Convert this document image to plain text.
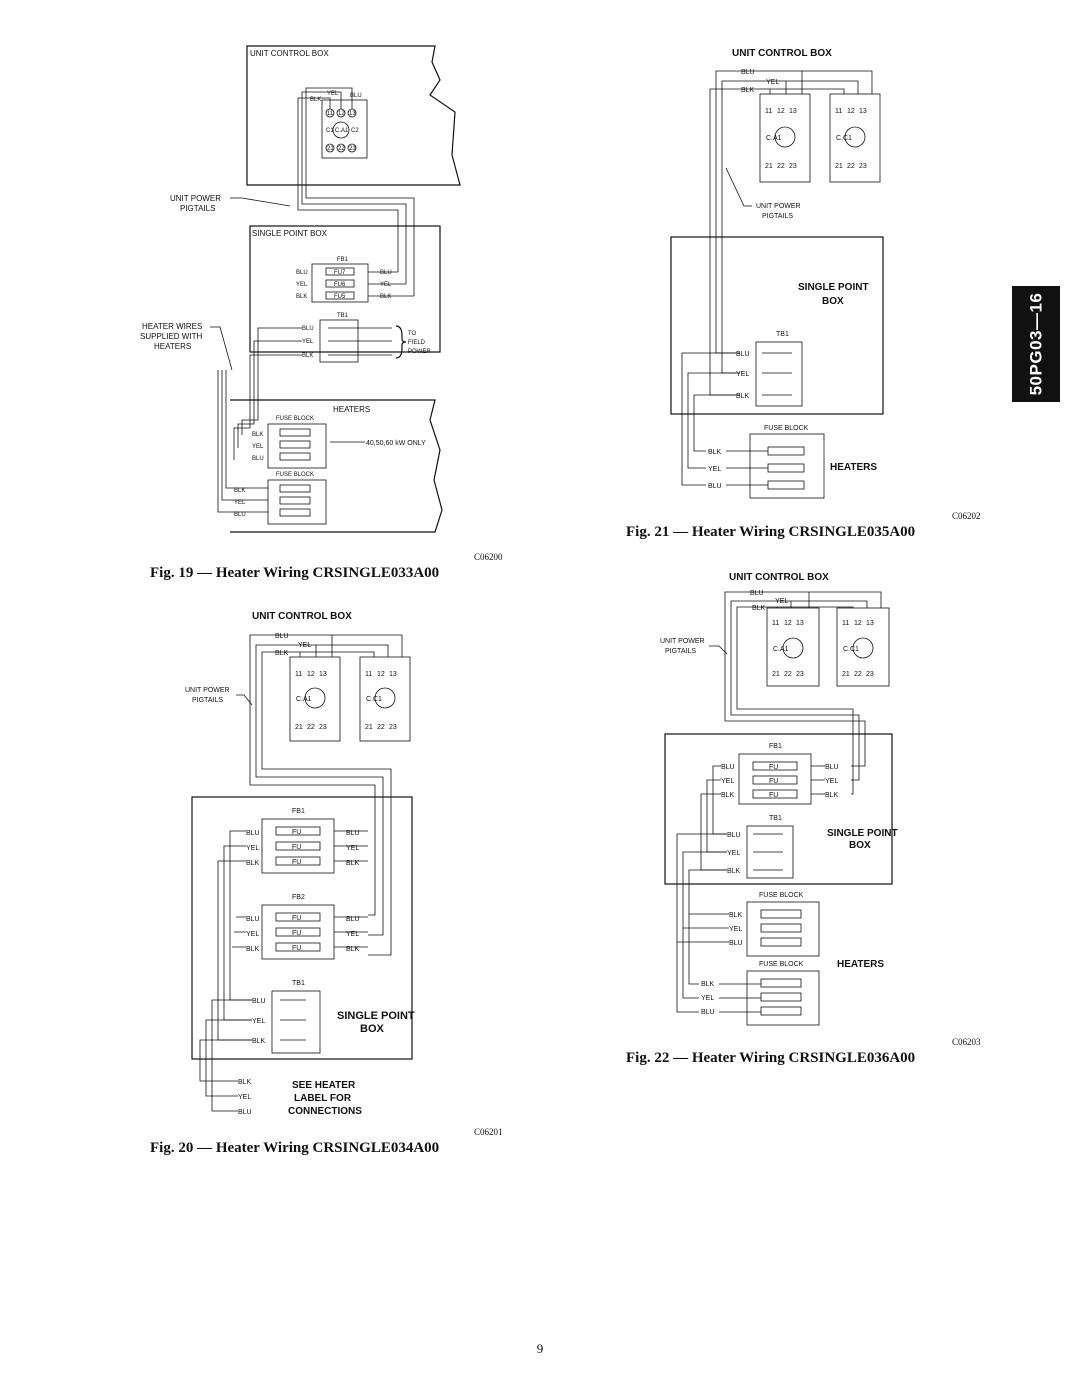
50PG03—16
UNIT CONTROL BOX
11 12 13
C1 C.A1 C2
21 22 23
YEL BLU
BLK
UNIT POWER
PIGTAILS
SINGLE POINT BOX
FB1
FU7
FU6
FU5
BLU
YEL
BLK
BLU
YEL
BLK
TB1
BLU
YEL
BLK
TO
FIELD
POWER
HEATER WIRES
SUPPLIED WITH
HEATERS
HEATERS
FUSE BLOCK
BLK
YEL
BLU
40,50,60 kW ONLY
FUSE BLOCK
BLK
YEL
BLU
C06200
Fig. 19 — Heater Wiring CRSINGLE033A00
UNIT CONTROL BOX
11 12 13
C.A1
21 22 23
11 12 13
C.C1
21 22 23
BLU
YEL
BLK
UNIT POWER
PIGTAILS
FB1
FB2
TB1
FU
FU
FU
FU
FU
FU
BLU
YEL
BLK
BLU
YEL
BLK
BLU
YEL
BLK
BLU
YEL
BLK
BLU
YEL
BLK
SINGLE POINT
BOX
BLK
YEL
BLU
SEE HEATER
LABEL FOR
CONNECTIONS
C06201
Fig. 20 — Heater Wiring CRSINGLE034A00
UNIT CONTROL BOX
11 12 13
C.A1
21 22 23
11 12 13
C.C1
21 22 23
BLU
YEL
BLK
UNIT POWER
PIGTAILS
SINGLE POINT
BOX
TB1
BLU
YEL
BLK
FUSE BLOCK
BLK
YEL
BLU
HEATERS
C06202
Fig. 21 — Heater Wiring CRSINGLE035A00
UNIT CONTROL BOX
11 12 13
C.A1
21 22 23
11 12 13
C.C1
21 22 23
BLU
YEL
BLK
UNIT POWER
PIGTAILS
FB1
FU
FU
FU
BLU
YEL
BLK
BLU
YEL
BLK
TB1
BLU
YEL
BLK
SINGLE POINT
BOX
FUSE BLOCK
BLK
YEL
BLU
FUSE BLOCK
BLK
YEL
BLU
HEATERS
C06203
Fig. 22 — Heater Wiring CRSINGLE036A00
9
